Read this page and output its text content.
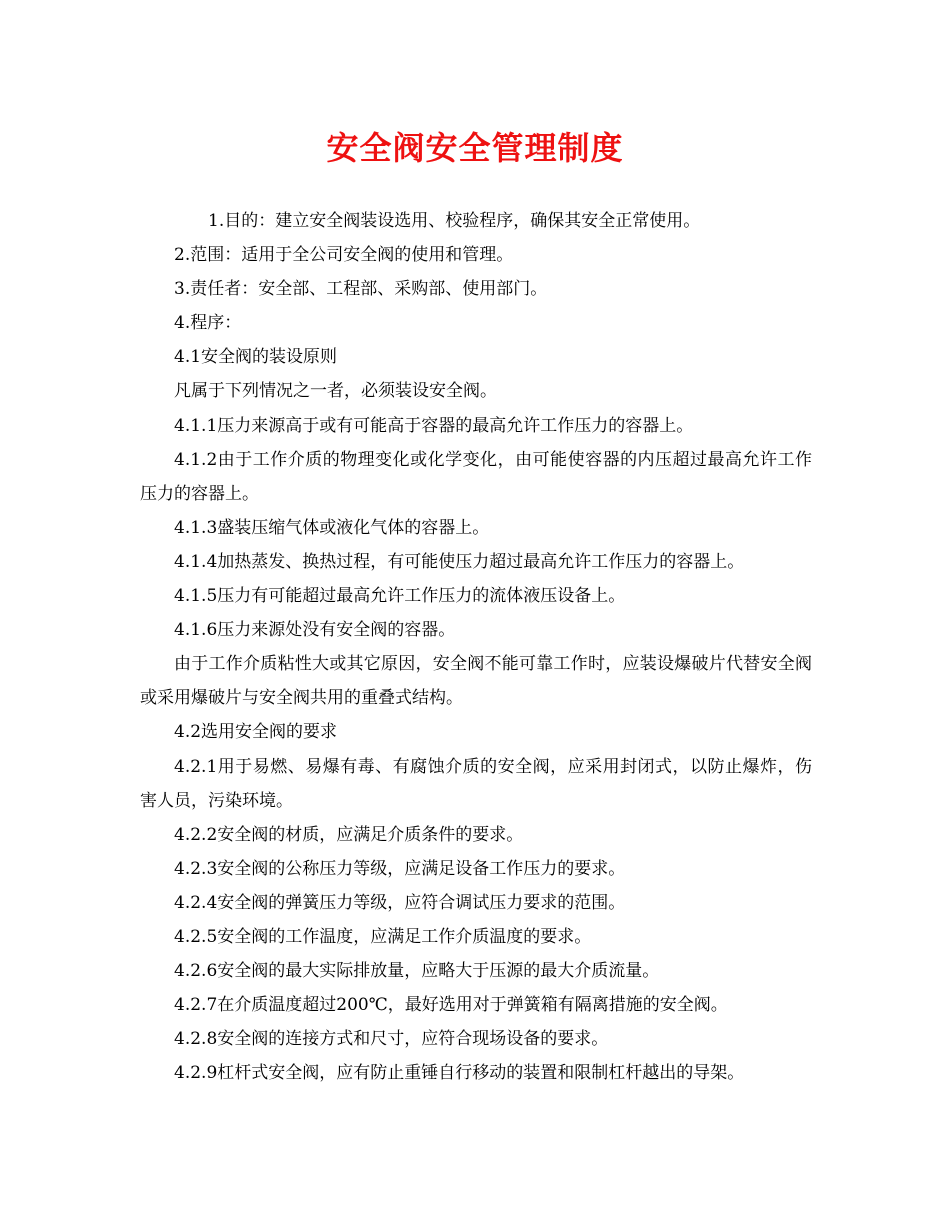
安全阀安全管理制度

1.目的：建立安全阀装设选用、校验程序，确保其安全正常使用。

2.范围：适用于全公司安全阀的使用和管理。

3.责任者：安全部、工程部、采购部、使用部门。

4.程序：

4.1安全阀的装设原则

凡属于下列情况之一者，必须装设安全阀。

4.1.1压力来源高于或有可能高于容器的最高允许工作压力的容器上。

4.1.2由于工作介质的物理变化或化学变化，由可能使容器的内压超过最高允许工作压力的容器上。

4.1.3盛装压缩气体或液化气体的容器上。

4.1.4加热蒸发、换热过程，有可能使压力超过最高允许工作压力的容器上。

4.1.5压力有可能超过最高允许工作压力的流体液压设备上。

4.1.6压力来源处没有安全阀的容器。

由于工作介质粘性大或其它原因，安全阀不能可靠工作时，应装设爆破片代替安全阀或采用爆破片与安全阀共用的重叠式结构。

4.2选用安全阀的要求

4.2.1用于易燃、易爆有毒、有腐蚀介质的安全阀，应采用封闭式，以防止爆炸，伤害人员，污染环境。

4.2.2安全阀的材质，应满足介质条件的要求。

4.2.3安全阀的公称压力等级，应满足设备工作压力的要求。

4.2.4安全阀的弹簧压力等级，应符合调试压力要求的范围。

4.2.5安全阀的工作温度，应满足工作介质温度的要求。

4.2.6安全阀的最大实际排放量，应略大于压源的最大介质流量。

4.2.7在介质温度超过200℃，最好选用对于弹簧箱有隔离措施的安全阀。

4.2.8安全阀的连接方式和尺寸，应符合现场设备的要求。

4.2.9杠杆式安全阀，应有防止重锤自行移动的装置和限制杠杆越出的导架。
